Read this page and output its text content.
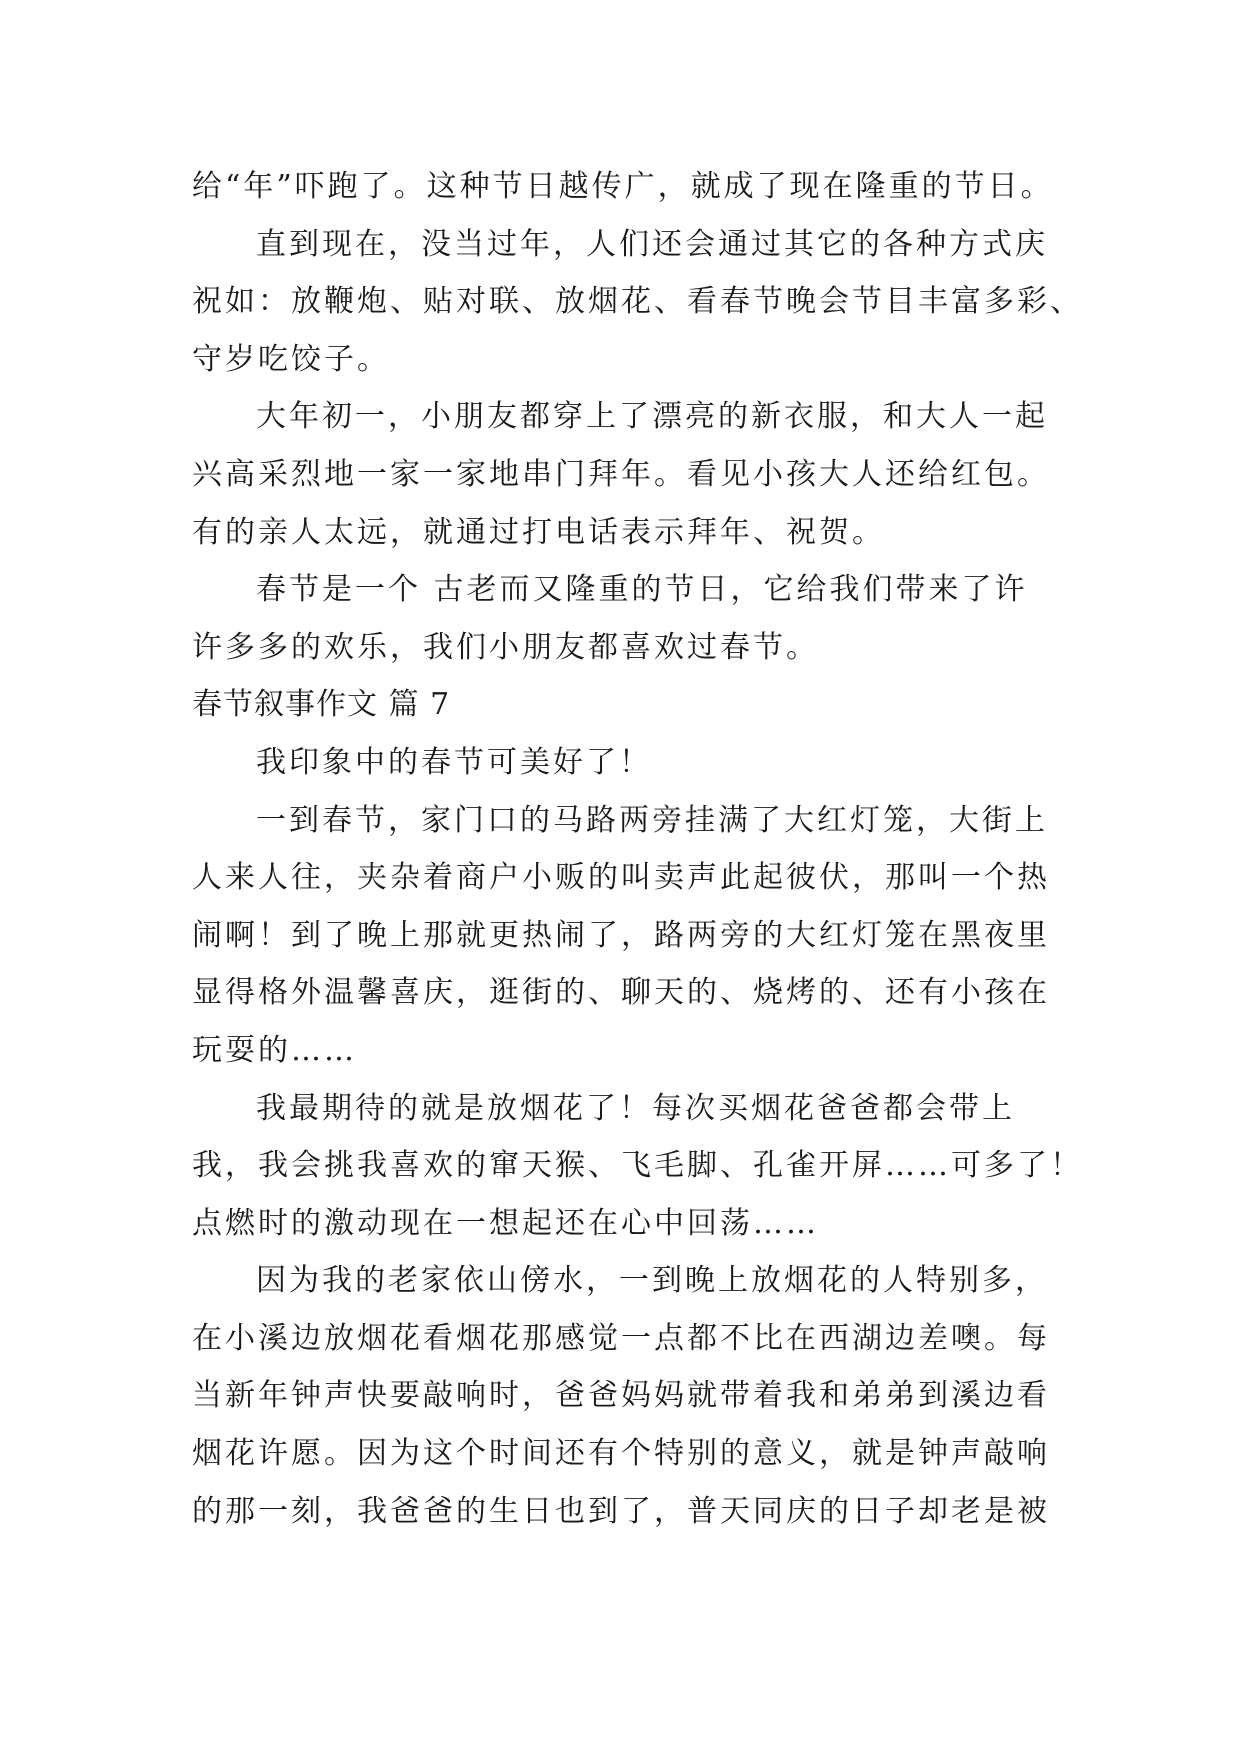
给“年”吓跑了。这种节日越传广，就成了现在隆重的节日。
直到现在，没当过年，人们还会通过其它的各种方式庆
祝如：放鞭炮、贴对联、放烟花、看春节晚会节目丰富多彩、
守岁吃饺子。
大年初一，小朋友都穿上了漂亮的新衣服，和大人一起
兴高采烈地一家一家地串门拜年。看见小孩大人还给红包。
有的亲人太远，就通过打电话表示拜年、祝贺。
春节是一个 古老而又隆重的节日，它给我们带来了许
许多多的欢乐，我们小朋友都喜欢过春节。
春节叙事作文 篇 7
我印象中的春节可美好了！
一到春节，家门口的马路两旁挂满了大红灯笼，大街上
人来人往，夹杂着商户小贩的叫卖声此起彼伏，那叫一个热
闹啊！到了晚上那就更热闹了，路两旁的大红灯笼在黑夜里
显得格外温馨喜庆，逛街的、聊天的、烧烤的、还有小孩在
玩耍的……
我最期待的就是放烟花了！每次买烟花爸爸都会带上
我，我会挑我喜欢的窜天猴、飞毛脚、孔雀开屏……可多了！
点燃时的激动现在一想起还在心中回荡……
因为我的老家依山傍水，一到晚上放烟花的人特别多，
在小溪边放烟花看烟花那感觉一点都不比在西湖边差噢。每
当新年钟声快要敲响时，爸爸妈妈就带着我和弟弟到溪边看
烟花许愿。因为这个时间还有个特别的意义，就是钟声敲响
的那一刻，我爸爸的生日也到了，普天同庆的日子却老是被
